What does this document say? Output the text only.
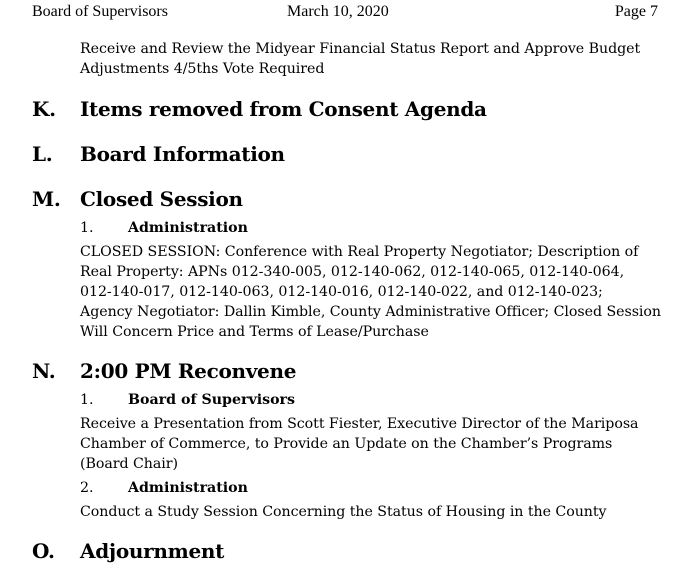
Board of Supervisors	March 10, 2020	Page 7
Receive and Review the Midyear Financial Status Report and Approve Budget
Adjustments 4/5ths Vote Required
K. Items removed from Consent Agenda
L. Board Information
M. Closed Session
1. Administration
CLOSED SESSION: Conference with Real Property Negotiator; Description of
Real Property: APNs 012-340-005, 012-140-062, 012-140-065, 012-140-064,
012-140-017, 012-140-063, 012-140-016, 012-140-022, and 012-140-023;
Agency Negotiator: Dallin Kimble, County Administrative Officer; Closed Session
Will Concern Price and Terms of Lease/Purchase
N. 2:00 PM Reconvene
1. Board of Supervisors
Receive a Presentation from Scott Fiester, Executive Director of the Mariposa
Chamber of Commerce, to Provide an Update on the Chamber’s Programs
(Board Chair)
2. Administration
Conduct a Study Session Concerning the Status of Housing in the County
O. Adjournment
